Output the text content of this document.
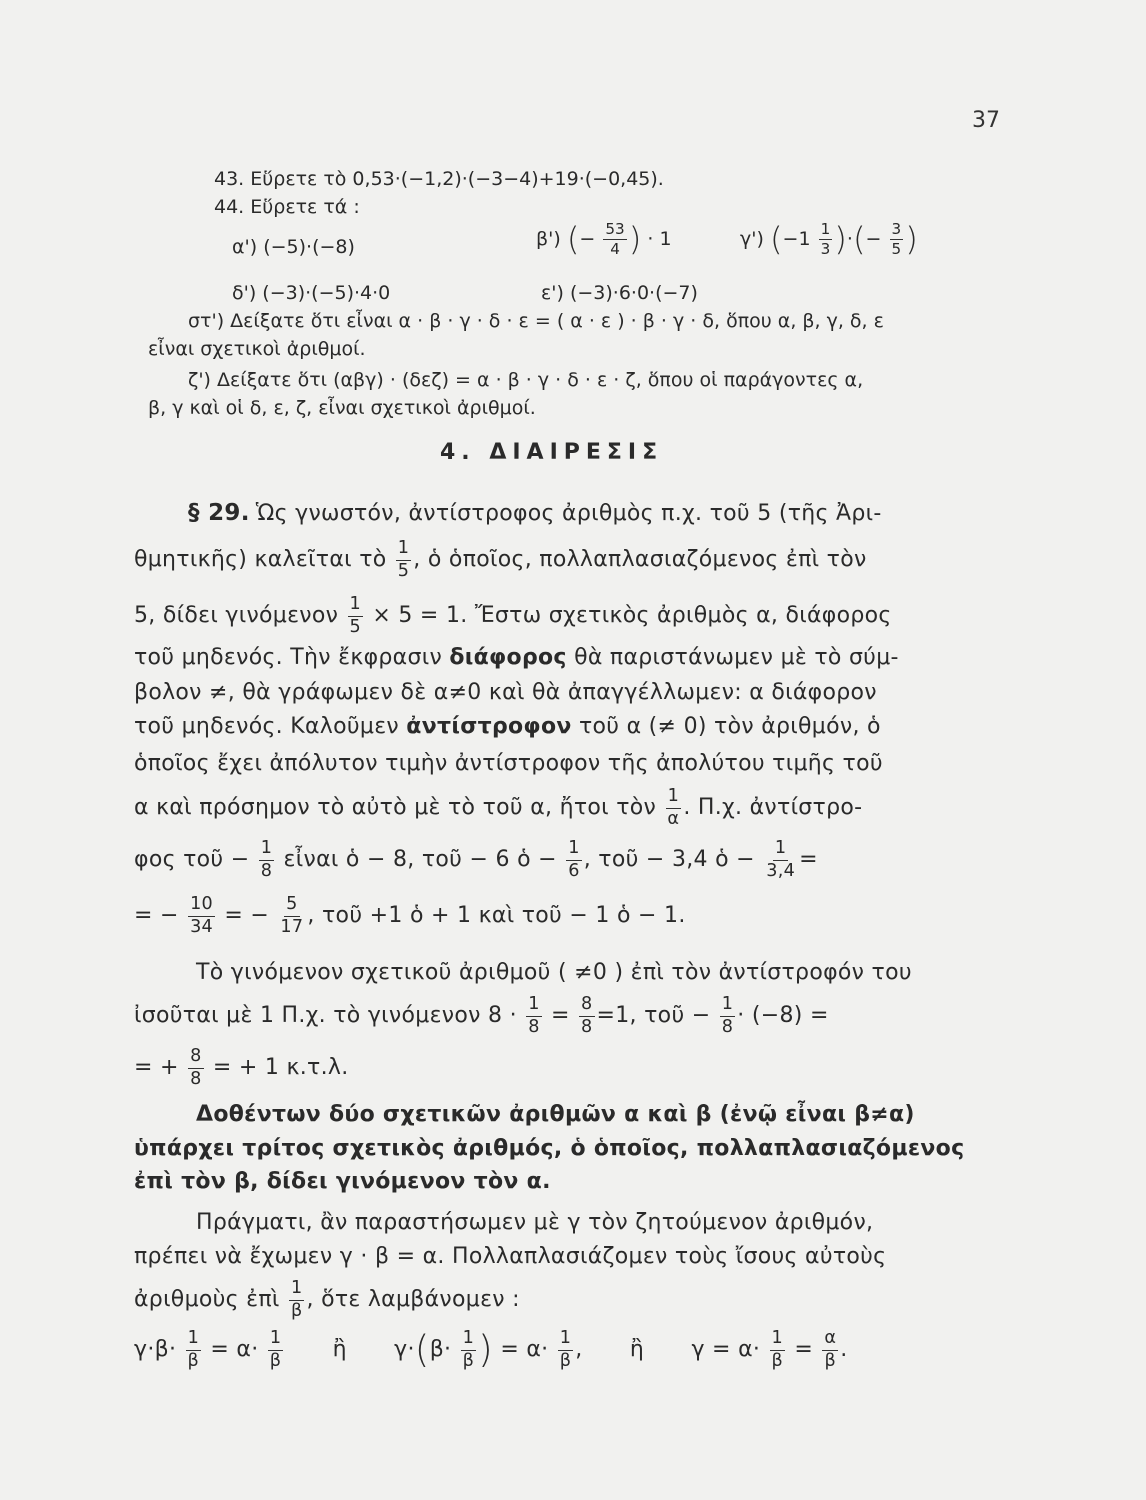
37
43. Εὕρετε τὸ 0,53·(−1,2)·(−3−4)+19·(−0,45).
44. Εὕρετε τά :
α') (−5)·(−8)	β') (− $\frac{53}{4}$ ) · 1	γ') ($-1 \frac{1}{3}$ )·(− $\frac{3}{5}$ )
δ') (−3)·(−5)·4·0	ε') (−3)·6·0·(−7)
στ') Δείξατε ὅτι εἶναι α · β · γ · δ · ε = ( α · ε ) · β · γ · δ, ὅπου α, β, γ, δ, ε
εἶναι σχετικοὶ ἀριθμοί.
ζ') Δείξατε ὅτι (αβγ) · (δεζ) = α · β · γ · δ · ε · ζ, ὅπου οἱ παράγοντες α,
β, γ καὶ οἱ δ, ε, ζ, εἶναι σχετικοὶ ἀριθμοί.
4. ΔΙΑΙΡΕΣΙΣ
§ 29. Ὡς γνωστόν, ἀντίστροφος ἀριθμὸς π.χ. τοῦ 5 (τῆς Ἀρι-
θμητικῆς) καλεῖται τὸ $\frac{1}{5}$ , ὁ ὁποῖος, πολλαπλασιαζόμενος ἐπὶ τὸν
5, δίδει γινόμενον $\frac{1}{5} \times 5 = 1$. Ἔστω σχετικὸς ἀριθμὸς α, διάφορος
τοῦ μηδενός. Τὴν ἔκφρασιν διάφορος θὰ παριστάνωμεν μὲ τὸ σύμ-
βολον ≠, θὰ γράφωμεν δὲ α≠0 καὶ θὰ ἀπαγγέλλωμεν: α διάφορον
τοῦ μηδενός. Καλοῦμεν ἀντίστροφον τοῦ α (≠ 0) τὸν ἀριθμόν, ὁ
ὁποῖος ἔχει ἀπόλυτον τιμὴν ἀντίστροφον τῆς ἀπολύτου τιμῆς τοῦ
α καὶ πρόσημον τὸ αὐτὸ μὲ τὸ τοῦ α, ἤτοι τὸν $\frac{1}{\alpha}$ . Π.χ. ἀντίστρο-
φος τοῦ − $\frac{1}{8}$ εἶναι ὁ − 8, τοῦ − 6 ὁ − $\frac{1}{6}$ , τοῦ − 3,4 ὁ − $\frac{1}{3,4}$ =
= − $\frac{10}{34}$ = − $\frac{5}{17}$ , τοῦ +1 ὁ + 1 καὶ τοῦ − 1 ὁ − 1.
Τὸ γινόμενον σχετικοῦ ἀριθμοῦ ( ≠0 ) ἐπὶ τὸν ἀντίστροφόν του
ἰσοῦται μὲ 1 Π.χ. τὸ γινόμενον $8 \cdot \frac{1}{8} = \frac{8}{8} =1$, τοῦ − $\frac{1}{8} \cdot (-8)$ =
= + $\frac{8}{8}$ = + 1 κ.τ.λ.
Δοθέντων δύο σχετικῶν ἀριθμῶν α καὶ β (ἐνῷ εἶναι β≠α)
ὑπάρχει τρίτος σχετικὸς ἀριθμός, ὁ ὁποῖος, πολλαπλασιαζόμενος
ἐπὶ τὸν β, δίδει γινόμενον τὸν α.
Πράγματι, ἂν παραστήσωμεν μὲ γ τὸν ζητούμενον ἀριθμόν,
πρέπει νὰ ἔχωμεν γ · β = α. Πολλαπλασιάζομεν τοὺς ἴσους αὐτοὺς
ἀριθμοὺς ἐπὶ $\frac{1}{\beta}$ , ὅτε λαμβάνομεν :
$\gamma\cdot\beta\cdot \frac{1}{\beta} = \alpha\cdot \frac{1}{\beta}$ ἢ $\gamma\cdot(\beta\cdot \frac{1}{\beta}$ ) = $\alpha\cdot \frac{1}{\beta}$ , ἢ $\gamma = \alpha\cdot \frac{1}{\beta} = \frac{\alpha}{\beta}$ .
